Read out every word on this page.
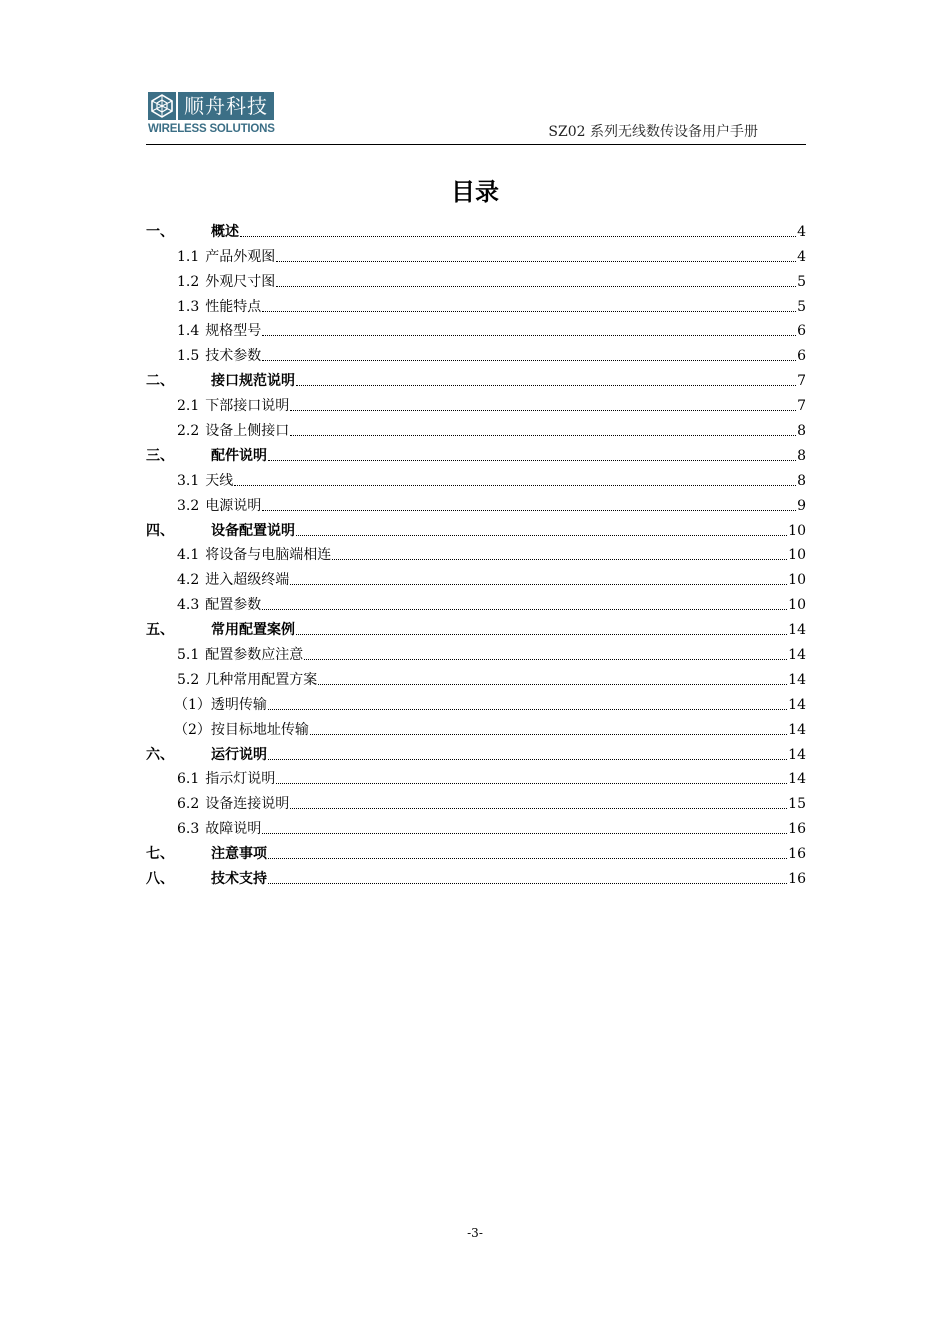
顺舟科技
WIRELESS SOLUTIONS	SZ02 系列无线数传设备用户手册
目录
一、	概述	4
1.1 产品外观图	4
1.2 外观尺寸图	5
1.3 性能特点	5
1.4 规格型号	6
1.5 技术参数	6
二、	接口规范说明	7
2.1 下部接口说明	7
2.2 设备上侧接口	8
三、	配件说明	8
3.1 天线	8
3.2 电源说明	9
四、	设备配置说明	10
4.1 将设备与电脑端相连	10
4.2 进入超级终端	10
4.3 配置参数	10
五、	常用配置案例	14
5.1 配置参数应注意	14
5.2 几种常用配置方案	14
（1）透明传输	14
（2）按目标地址传输	14
六、	运行说明	14
6.1 指示灯说明	14
6.2 设备连接说明	15
6.3 故障说明	16
七、	注意事项	16
八、	技术支持	16
-3-
